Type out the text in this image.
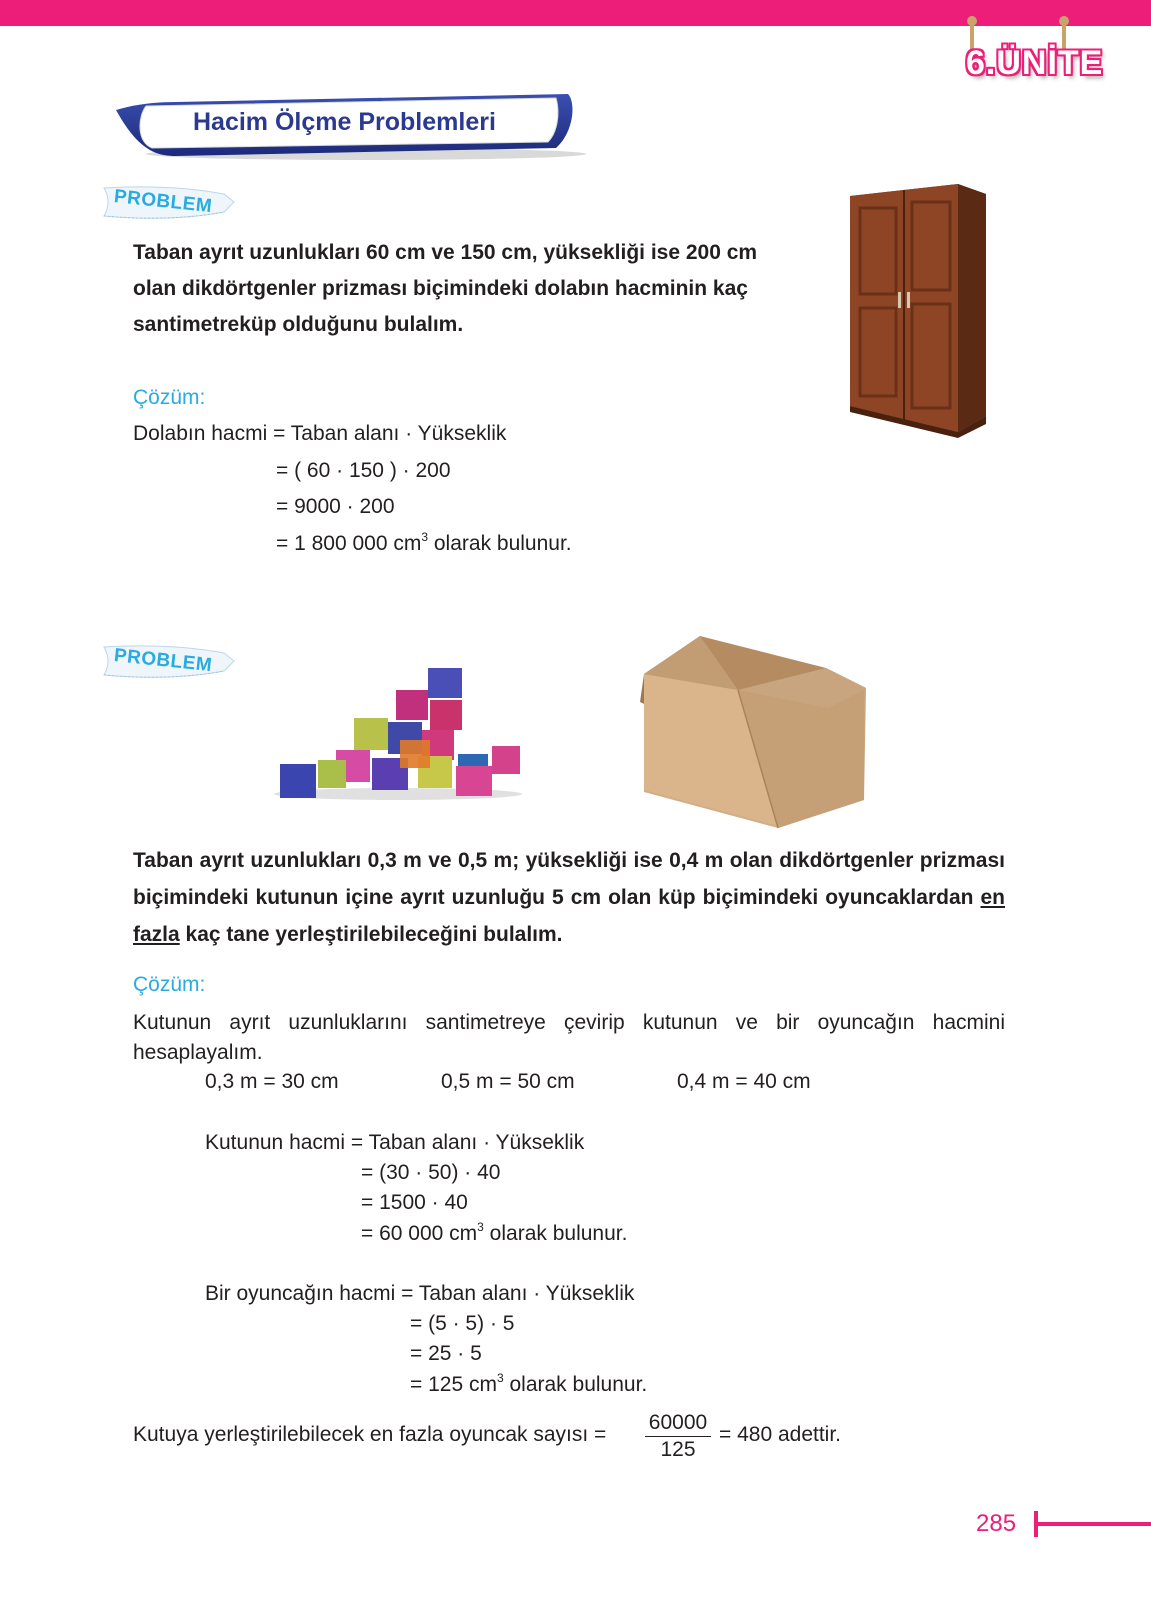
6.ÜNİTE
Hacim Ölçme Problemleri
PROBLEM
Taban ayrıt uzunlukları 60 cm ve 150 cm, yüksekliği ise 200 cm
olan dikdörtgenler prizması biçimindeki dolabın hacminin kaç
santimetreküp olduğunu bulalım.
Çözüm:
Dolabın hacmi = Taban alanı · Yükseklik
= ( 60 · 150 ) · 200
= 9000 · 200
= 1 800 000 $cm^3$ olarak bulunur.
PROBLEM
Taban ayrıt uzunlukları 0,3 m ve 0,5 m; yüksekliği ise 0,4 m olan dikdörtgenler prizması biçimindeki kutunun içine ayrıt uzunluğu 5 cm olan küp biçimindeki oyuncaklardan en fazla kaç tane yerleştirilebileceğini bulalım.
Çözüm:
Kutunun ayrıt uzunluklarını santimetreye çevirip kutunun ve bir oyuncağın hacmini hesaplayalım.
0,3 m = 30 cm	0,5 m = 50 cm	0,4 m = 40 cm
Kutunun hacmi = Taban alanı · Yükseklik
= (30 · 50) · 40
= 1500 · 40
= 60 000 $cm^3$ olarak bulunur.
Bir oyuncağın hacmi = Taban alanı · Yükseklik
= (5 · 5) · 5
= 25 · 5
= 125 $cm^3$ olarak bulunur.
Kutuya yerleştirilebilecek en fazla oyuncak sayısı = $\frac{60000}{125} = 480$ adettir.
285
